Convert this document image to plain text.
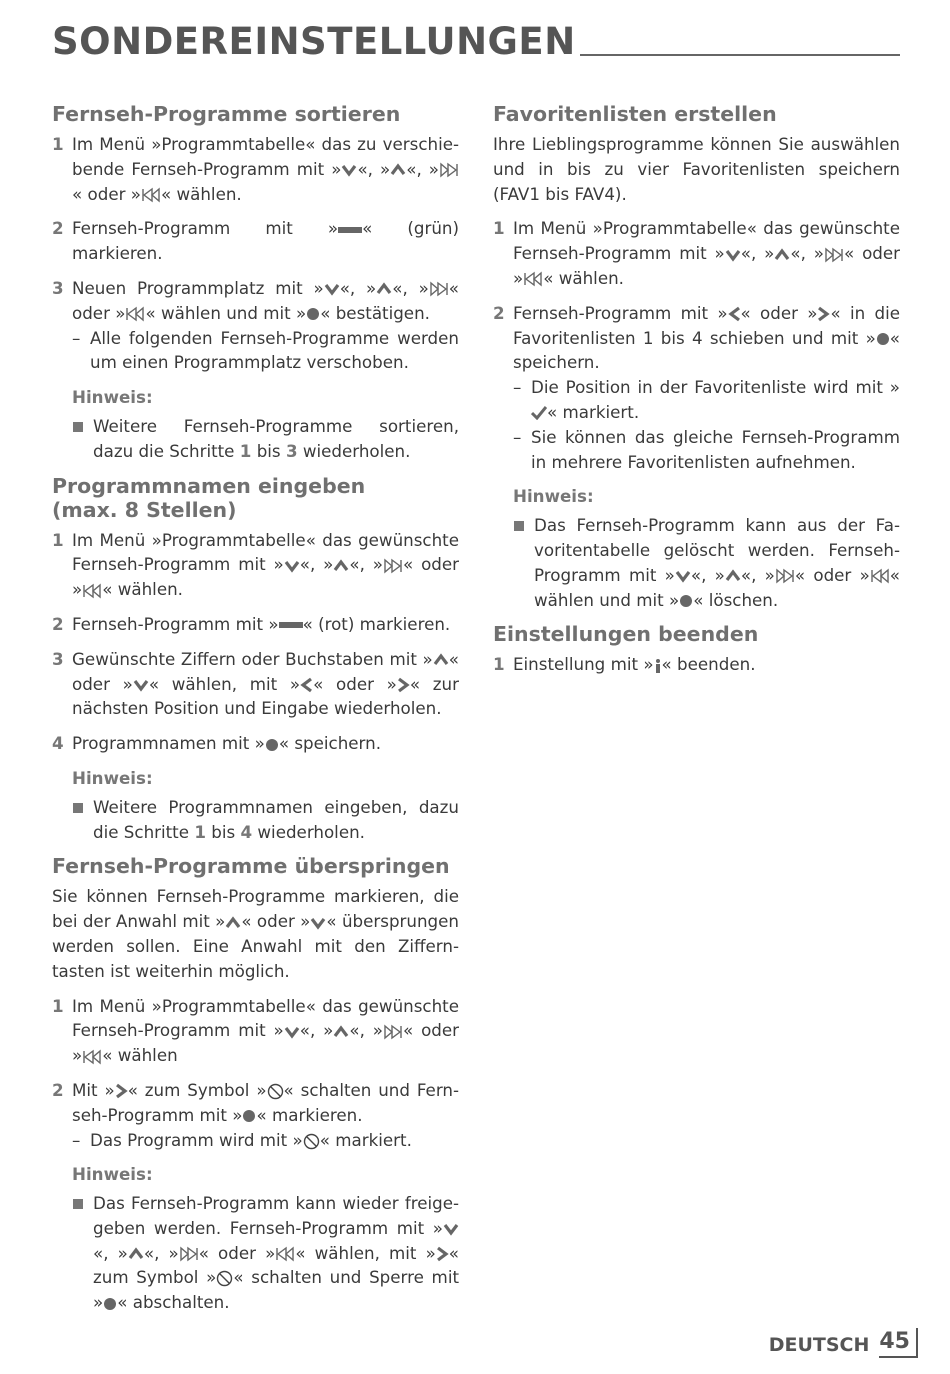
SONDEREINSTELLUNGEN
Fernseh-Programme sortieren
1 Im Menü »Programmtabelle« das zu verschiebende Fernseh-Programm mit » «, » «, »
« oder » « wählen.
2 Fernseh-Programm mit » « (grün) markieren.
3 Neuen Programmplatz mit » «, » «, » « oder » « wählen und mit » « bestätigen.
– Alle folgenden Fernseh-Programme werden um einen Programmplatz verschoben.
Hinweis:
Weitere Fernseh-Programme sortieren, dazu die Schritte 1 bis 3 wiederholen.
Programmnamen eingeben
(max. 8 Stellen)
1 Im Menü »Programmtabelle« das gewünschte Fernseh-Programm mit » «, » «, » « oder » « wählen.
2 Fernseh-Programm mit » « (rot) markieren.
3 Gewünschte Ziffern oder Buchstaben mit » « oder » « wählen, mit » « oder » « zur nächsten Position und Eingabe wiederholen.
4 Programmnamen mit » « speichern.
Hinweis:
Weitere Programmnamen eingeben, dazu die Schritte 1 bis 4 wiederholen.
Fernseh-Programme überspringen

Sie können Fernseh-Programme markieren, die bei der Anwahl mit » « oder » « übersprungen werden sollen. Eine Anwahl mit den Zifferntasten ist weiterhin möglich.

1 Im Menü »Programmtabelle« das gewünschte Fernseh-Programm mit » «, » «, » « oder » « wählen
2 Mit » « zum Symbol » « schalten und Fernseh-Programm mit » « markieren.
– Das Programm wird mit » « markiert.
Hinweis:
Das Fernseh-Programm kann wieder freigegeben werden. Fernseh-Programm mit »
«, » «, » « oder » « wählen, mit » « zum Symbol » « schalten und Sperre mit » « abschalten.
Favoritenlisten erstellen

Ihre Lieblingsprogramme können Sie auswählen und in bis zu vier Favoritenlisten speichern (FAV1 bis FAV4).

1 Im Menü »Programmtabelle« das gewünschte Fernseh-Programm mit » «, » «, » « oder » « wählen.
2 Fernseh-Programm mit » « oder » « in die Favoritenlisten 1 bis 4 schieben und mit » « speichern.
– Die Position in der Favoritenliste wird mit »
« markiert.
– Sie können das gleiche Fernseh-Programm in mehrere Favoritenlisten aufnehmen.
Hinweis:
Das Fernseh-Programm kann aus der Favoritentabelle gelöscht werden. Fernseh-Programm mit » «, » «, » « oder » « wählen und mit » « löschen.
Einstellungen beenden
1 Einstellung mit » « beenden.
DEUTSCH 45
